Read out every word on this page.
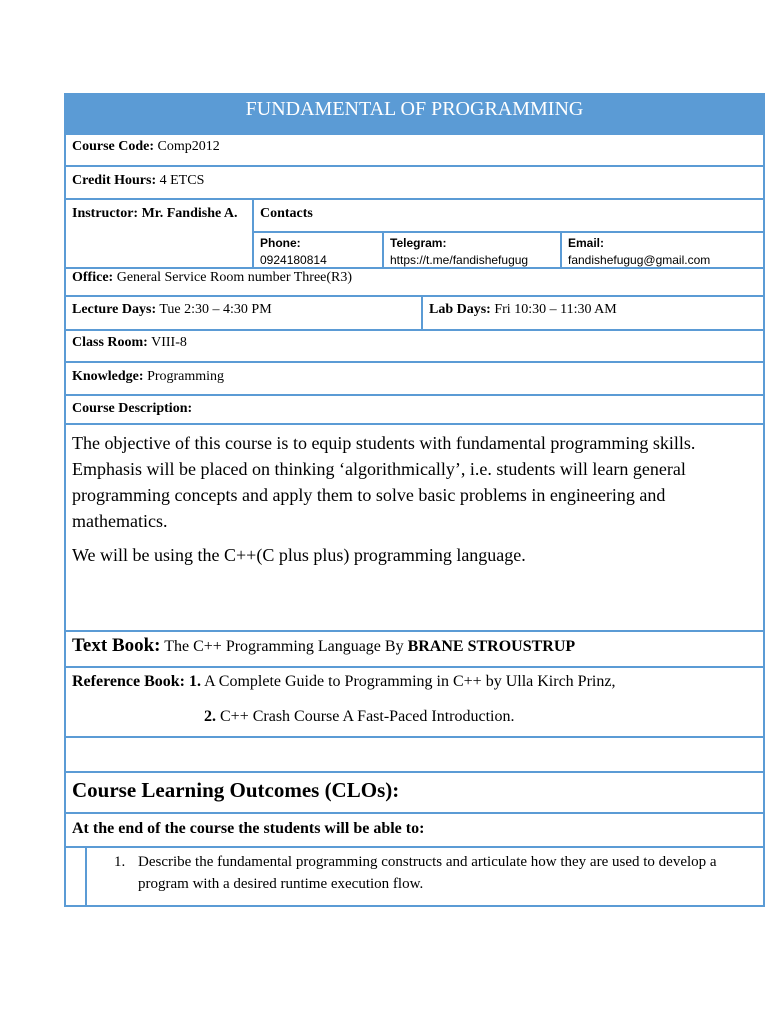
FUNDAMENTAL OF PROGRAMMING
Course Code: Comp2012
Credit Hours: 4 ETCS
Instructor: Mr. Fandishe A.	Contacts
Phone:
0924180814
Telegram:
https://t.me/fandishefugug
Email:
fandishefugug@gmail.com
Office: General Service Room number Three(R3)
Lecture Days: Tue 2:30 – 4:30 PM	Lab Days: Fri 10:30 – 11:30 AM
Class Room: VIII-8
Knowledge: Programming
Course Description:
The objective of this course is to equip students with fundamental programming skills. Emphasis will be placed on thinking ‘algorithmically’, i.e. students will learn general programming concepts and apply them to solve basic problems in engineering and mathematics.
We will be using the C++(C plus plus) programming language.
Text Book: The C++ Programming Language By BRANE STROUSTRUP
Reference Book: 1. A Complete Guide to Programming in C++ by Ulla Kirch Prinz,
2. C++ Crash Course A Fast-Paced Introduction.
Course Learning Outcomes (CLOs):
At the end of the course the students will be able to:
1. Describe the fundamental programming constructs and articulate how they are used to develop a program with a desired runtime execution flow.
